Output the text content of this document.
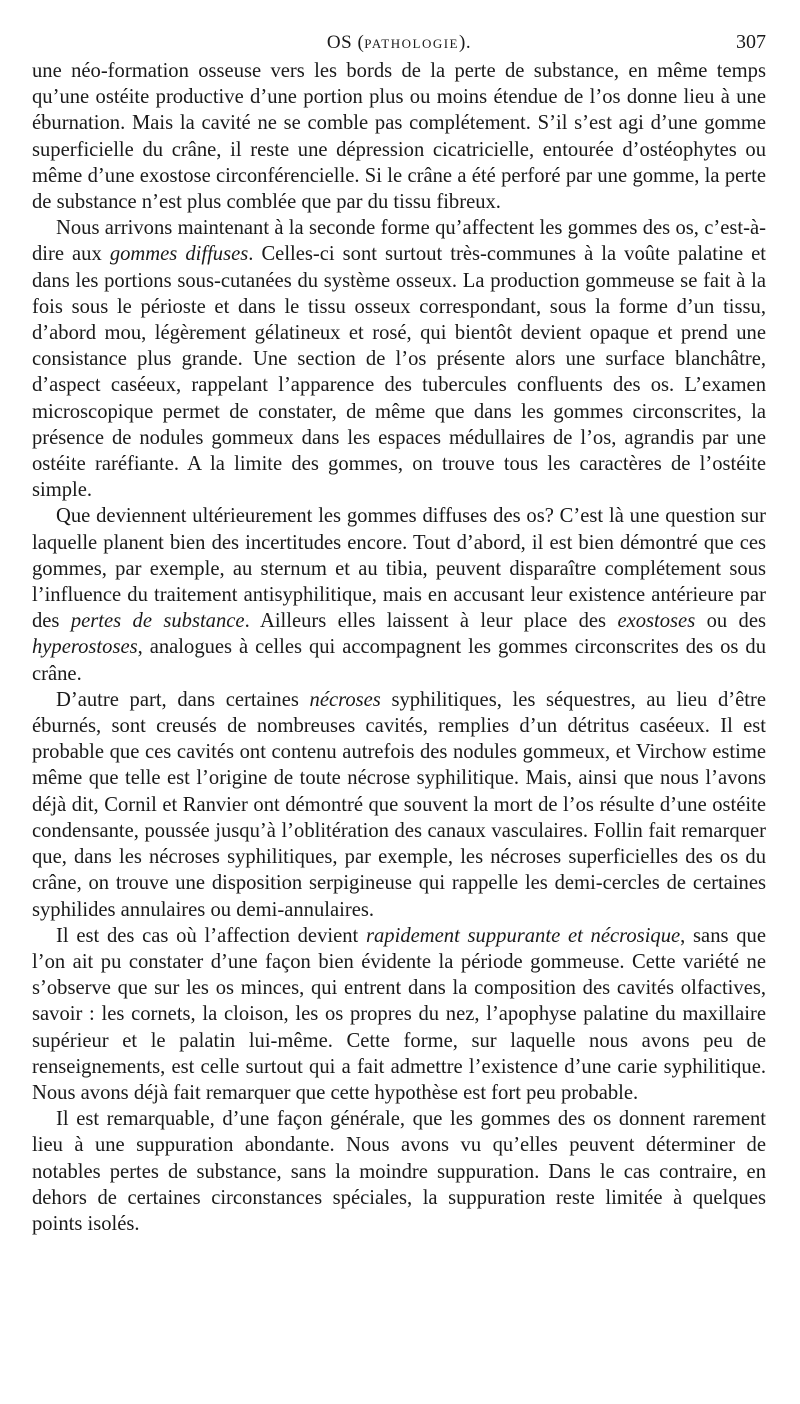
OS (PATHOLOGIE).	307

une néo-formation osseuse vers les bords de la perte de substance, en même temps qu’une ostéite productive d’une portion plus ou moins étendue de l’os donne lieu à une éburnation. Mais la cavité ne se comble pas complétement. S’il s’est agi d’une gomme superficielle du crâne, il reste une dépression cicatricielle, entourée d’ostéophytes ou même d’une exostose circonférencielle. Si le crâne a été perforé par une gomme, la perte de substance n’est plus comblée que par du tissu fibreux.

Nous arrivons maintenant à la seconde forme qu’affectent les gommes des os, c’est-à-dire aux gommes diffuses. Celles-ci sont surtout très-communes à la voûte palatine et dans les portions sous-cutanées du système osseux. La production gommeuse se fait à la fois sous le périoste et dans le tissu osseux correspondant, sous la forme d’un tissu, d’abord mou, légèrement gélatineux et rosé, qui bientôt devient opaque et prend une consistance plus grande. Une section de l’os présente alors une surface blanchâtre, d’aspect caséeux, rappelant l’apparence des tubercules confluents des os. L’examen microscopique permet de constater, de même que dans les gommes circonscrites, la présence de nodules gommeux dans les espaces médullaires de l’os, agrandis par une ostéite raréfiante. A la limite des gommes, on trouve tous les caractères de l’ostéite simple.

Que deviennent ultérieurement les gommes diffuses des os? C’est là une question sur laquelle planent bien des incertitudes encore. Tout d’abord, il est bien démontré que ces gommes, par exemple, au sternum et au tibia, peuvent disparaître complétement sous l’influence du traitement antisyphilitique, mais en accusant leur existence antérieure par des pertes de substance. Ailleurs elles laissent à leur place des exostoses ou des hyperostoses, analogues à celles qui accompagnent les gommes circonscrites des os du crâne.

D’autre part, dans certaines nécroses syphilitiques, les séquestres, au lieu d’être éburnés, sont creusés de nombreuses cavités, remplies d’un détritus caséeux. Il est probable que ces cavités ont contenu autrefois des nodules gommeux, et Virchow estime même que telle est l’origine de toute nécrose syphilitique. Mais, ainsi que nous l’avons déjà dit, Cornil et Ranvier ont démontré que souvent la mort de l’os résulte d’une ostéite condensante, poussée jusqu’à l’oblitération des canaux vasculaires. Follin fait remarquer que, dans les nécroses syphilitiques, par exemple, les nécroses superficielles des os du crâne, on trouve une disposition serpigineuse qui rappelle les demi-cercles de certaines syphilides annulaires ou demi-annulaires.

Il est des cas où l’affection devient rapidement suppurante et nécrosique, sans que l’on ait pu constater d’une façon bien évidente la période gommeuse. Cette variété ne s’observe que sur les os minces, qui entrent dans la composition des cavités olfactives, savoir : les cornets, la cloison, les os propres du nez, l’apophyse palatine du maxillaire supérieur et le palatin lui-même. Cette forme, sur laquelle nous avons peu de renseignements, est celle surtout qui a fait admettre l’existence d’une carie syphilitique. Nous avons déjà fait remarquer que cette hypothèse est fort peu probable.

Il est remarquable, d’une façon générale, que les gommes des os donnent rarement lieu à une suppuration abondante. Nous avons vu qu’elles peuvent déterminer de notables pertes de substance, sans la moindre suppuration. Dans le cas contraire, en dehors de certaines circonstances spéciales, la suppuration reste limitée à quelques points isolés.
